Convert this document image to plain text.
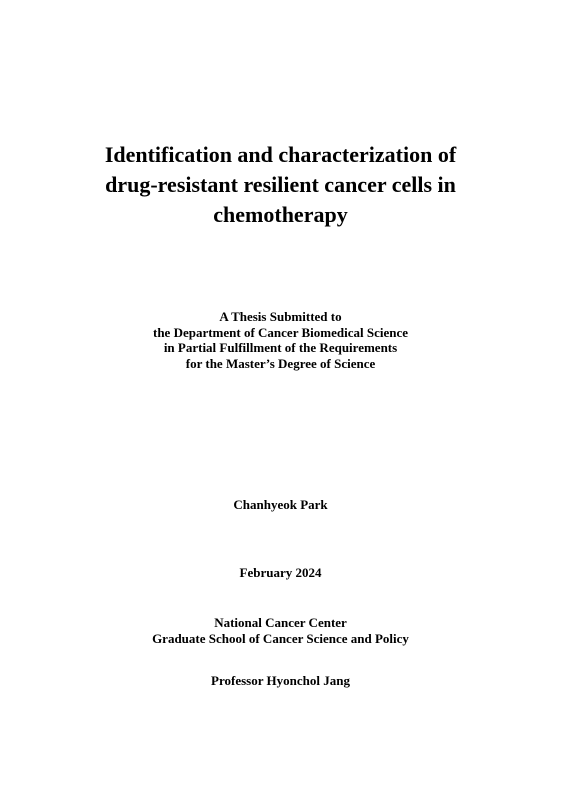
Identification and characterization of
drug-resistant resilient cancer cells in
chemotherapy
A Thesis Submitted to
the Department of Cancer Biomedical Science
in Partial Fulfillment of the Requirements
for the Master’s Degree of Science
Chanhyeok Park
February 2024
National Cancer Center
Graduate School of Cancer Science and Policy
Professor Hyonchol Jang
